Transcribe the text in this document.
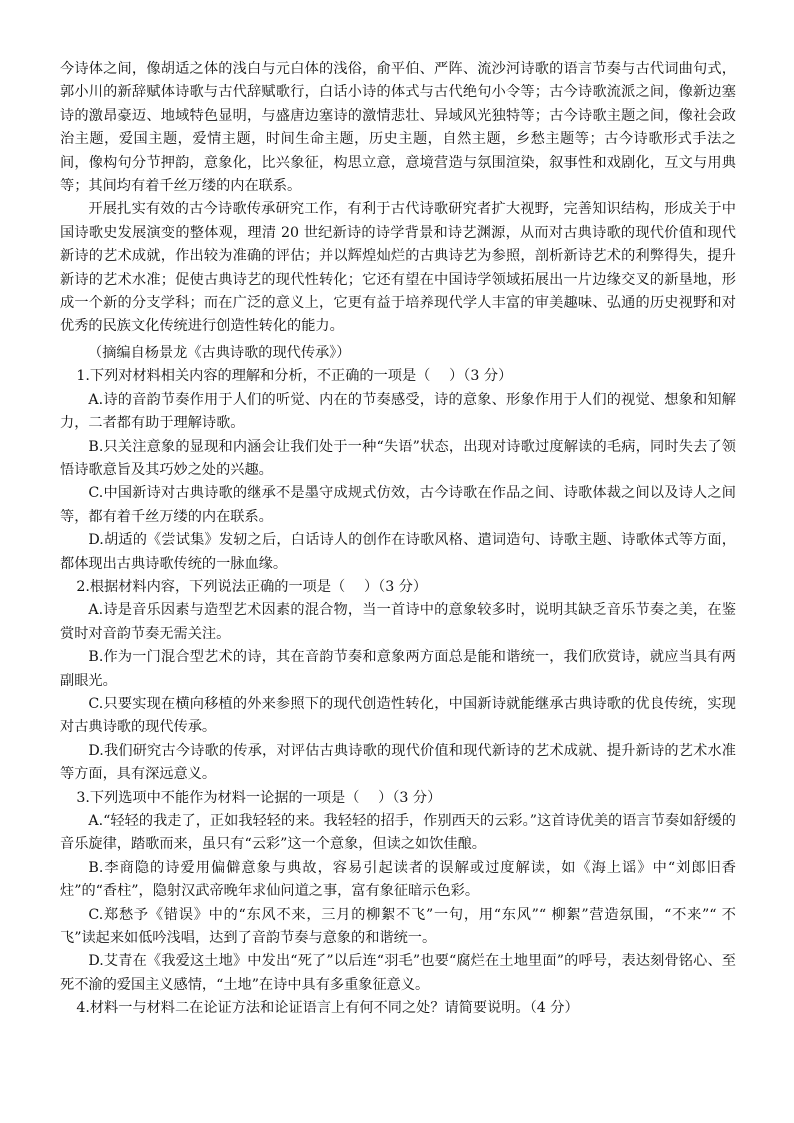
今诗体之间，像胡适之体的浅白与元白体的浅俗，俞平伯、严阵、流沙河诗歌的语言节奏与古代词曲句式，郭小川的新辞赋体诗歌与古代辞赋歌行，白话小诗的体式与古代绝句小令等；古今诗歌流派之间，像新边塞诗的激昂豪迈、地域特色显明，与盛唐边塞诗的激情悲壮、异域风光独特等；古今诗歌主题之间，像社会政治主题，爱国主题，爱情主题，时间生命主题，历史主题，自然主题，乡愁主题等；古今诗歌形式手法之间，像构句分节押韵，意象化，比兴象征，构思立意，意境营造与氛围渲染，叙事性和戏剧化，互文与用典等；其间均有着千丝万缕的内在联系。

开展扎实有效的古今诗歌传承研究工作，有利于古代诗歌研究者扩大视野，完善知识结构，形成关于中国诗歌史发展演变的整体观，理清 20 世纪新诗的诗学背景和诗艺渊源，从而对古典诗歌的现代价值和现代新诗的艺术成就，作出较为准确的评估；并以辉煌灿烂的古典诗艺为参照，剖析新诗艺术的利弊得失，提升新诗的艺术水准；促使古典诗艺的现代性转化；它还有望在中国诗学领域拓展出一片边缘交叉的新垦地，形成一个新的分支学科；而在广泛的意义上，它更有益于培养现代学人丰富的审美趣味、弘通的历史视野和对优秀的民族文化传统进行创造性转化的能力。

（摘编自杨景龙《古典诗歌的现代传承》）

1.下列对材料相关内容的理解和分析，不正确的一项是（　 ）（3 分）

A.诗的音韵节奏作用于人们的听觉、内在的节奏感受，诗的意象、形象作用于人们的视觉、想象和知解力，二者都有助于理解诗歌。

B.只关注意象的显现和内涵会让我们处于一种“失语”状态，出现对诗歌过度解读的毛病，同时失去了领悟诗歌意旨及其巧妙之处的兴趣。

C.中国新诗对古典诗歌的继承不是墨守成规式仿效，古今诗歌在作品之间、诗歌体裁之间以及诗人之间等，都有着千丝万缕的内在联系。

D.胡适的《尝试集》发轫之后，白话诗人的创作在诗歌风格、遣词造句、诗歌主题、诗歌体式等方面，都体现出古典诗歌传统的一脉血缘。

2.根据材料内容，下列说法正确的一项是（　 ）（3 分）

A.诗是音乐因素与造型艺术因素的混合物，当一首诗中的意象较多时，说明其缺乏音乐节奏之美，在鉴赏时对音韵节奏无需关注。

B.作为一门混合型艺术的诗，其在音韵节奏和意象两方面总是能和谐统一，我们欣赏诗，就应当具有两副眼光。

C.只要实现在横向移植的外来参照下的现代创造性转化，中国新诗就能继承古典诗歌的优良传统，实现对古典诗歌的现代传承。

D.我们研究古今诗歌的传承，对评估古典诗歌的现代价值和现代新诗的艺术成就、提升新诗的艺术水准等方面，具有深远意义。

3.下列选项中不能作为材料一论据的一项是（　 ）（3 分）

A.“轻轻的我走了，正如我轻轻的来。我轻轻的招手，作别西天的云彩。”这首诗优美的语言节奏如舒缓的音乐旋律，踏歌而来，虽只有“云彩”这一个意象，但读之如饮佳酿。

B.李商隐的诗爱用偏僻意象与典故，容易引起读者的误解或过度解读，如《海上谣》中“刘郎旧香炷”的“香柱”，隐射汉武帝晚年求仙问道之事，富有象征暗示色彩。

C.郑愁予《错误》中的“东风不来，三月的柳絮不飞”一句，用“东风”“ 柳絮”营造氛围，“不来”“ 不飞”读起来如低吟浅唱，达到了音韵节奏与意象的和谐统一。

D.艾青在《我爱这土地》中发出“死了”以后连“羽毛”也要“腐烂在土地里面”的呼号，表达刻骨铭心、至死不渝的爱国主义感情，“土地”在诗中具有多重象征意义。

4.材料一与材料二在论证方法和论证语言上有何不同之处？请简要说明。（4 分）
